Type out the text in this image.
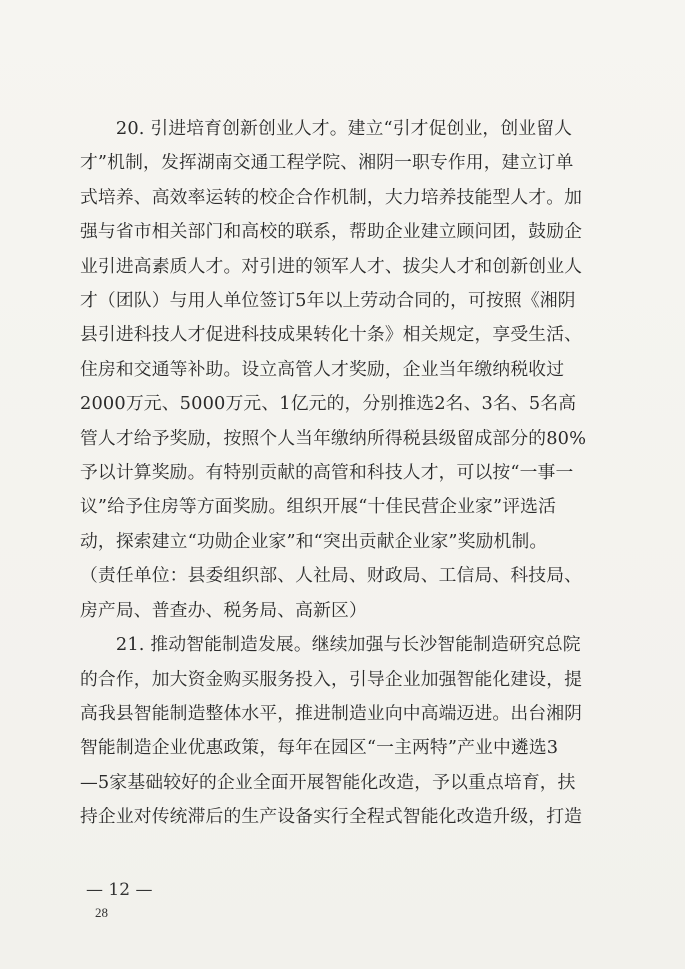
　　20. 引进培育创新创业人才。建立“引才促创业，创业留人

才”机制，发挥湖南交通工程学院、湘阴一职专作用，建立订单

式培养、高效率运转的校企合作机制，大力培养技能型人才。加

强与省市相关部门和高校的联系，帮助企业建立顾问团，鼓励企

业引进高素质人才。对引进的领军人才、拔尖人才和创新创业人

才（团队）与用人单位签订5年以上劳动合同的，可按照《湘阴

县引进科技人才促进科技成果转化十条》相关规定，享受生活、

住房和交通等补助。设立高管人才奖励，企业当年缴纳税收过

2000万元、5000万元、1亿元的，分别推选2名、3名、5名高

管人才给予奖励，按照个人当年缴纳所得税县级留成部分的80%

予以计算奖励。有特别贡献的高管和科技人才，可以按“一事一

议”给予住房等方面奖励。组织开展“十佳民营企业家”评选活

动，探索建立“功勋企业家”和“突出贡献企业家”奖励机制。

（责任单位：县委组织部、人社局、财政局、工信局、科技局、

房产局、普查办、税务局、高新区）

　　21. 推动智能制造发展。继续加强与长沙智能制造研究总院

的合作，加大资金购买服务投入，引导企业加强智能化建设，提

高我县智能制造整体水平，推进制造业向中高端迈进。出台湘阴

智能制造企业优惠政策，每年在园区“一主两特”产业中遴选3

—5家基础较好的企业全面开展智能化改造，予以重点培育，扶

持企业对传统滞后的生产设备实行全程式智能化改造升级，打造

— 12 —
28
